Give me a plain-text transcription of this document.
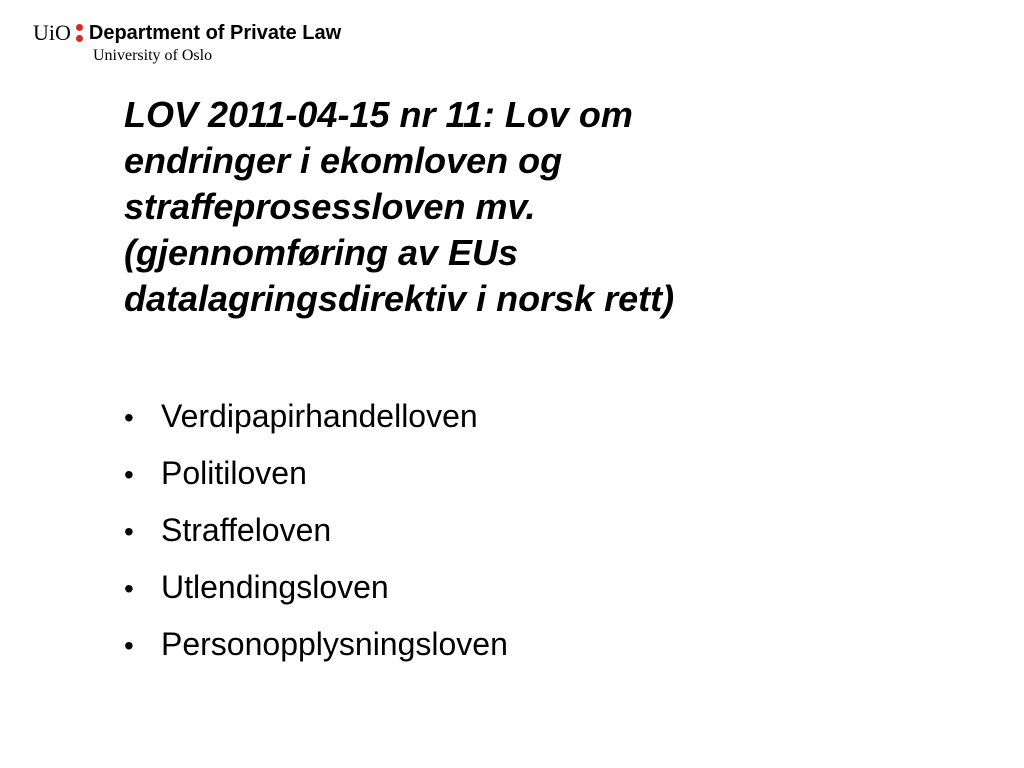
UiO Department of Private Law
University of Oslo
LOV 2011-04-15 nr 11: Lov om
endringer i ekomloven og
straffeprosessloven mv.
(gjennomføring av EUs
datalagringsdirektiv i norsk rett)
• Verdipapirhandelloven
• Politiloven
• Straffeloven
• Utlendingsloven
• Personopplysningsloven
